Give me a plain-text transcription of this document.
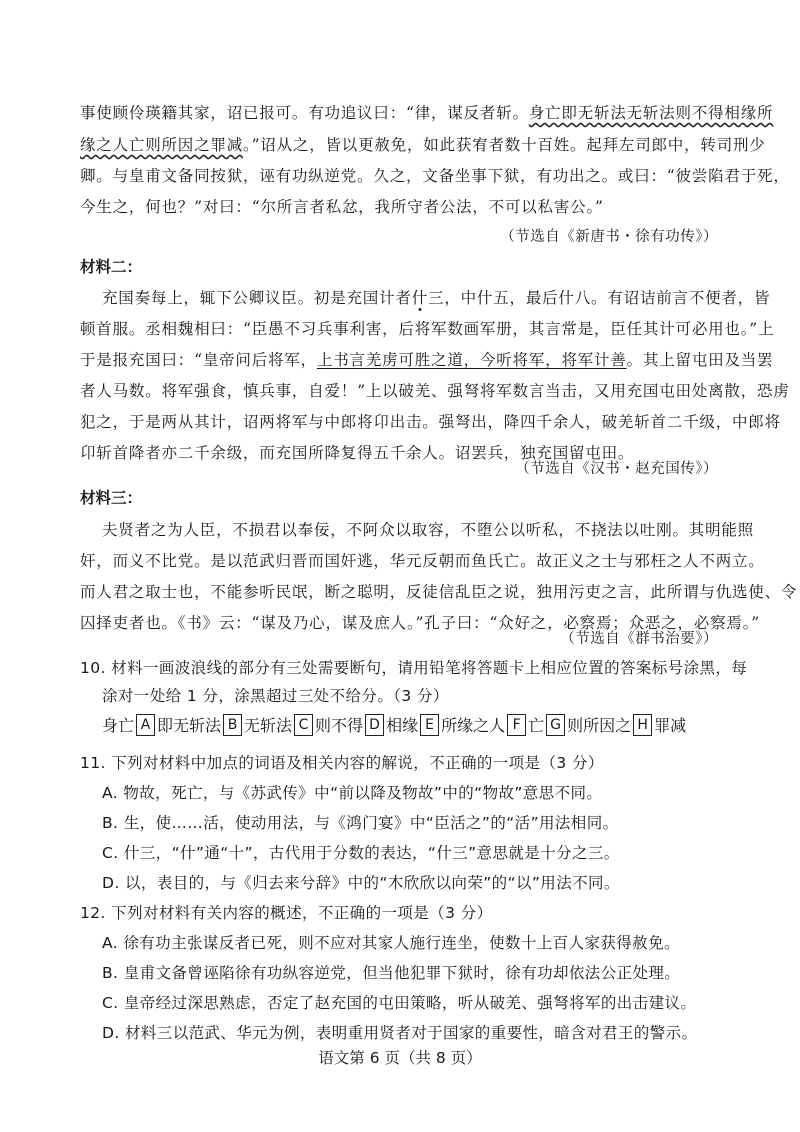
事使顾伶瑛籍其家，诏已报可。有功追议曰：“律，谋反者斩。身亡即无斩法无斩法则不得相缘所
缘之人亡则所因之罪减。”诏从之，皆以更赦免，如此获宥者数十百姓。起拜左司郎中，转司刑少
卿。与皇甫文备同按狱，诬有功纵逆党。久之，文备坐事下狱，有功出之。或曰：“彼尝陷君于死，
今生之，何也？”对曰：“尔所言者私忿，我所守者公法，不可以私害公。”
（节选自《新唐书・徐有功传》）
材料二：
充国奏每上，辄下公卿议臣。初是充国计者什三，中什五，最后什八。有诏诘前言不便者，皆
顿首服。丞相魏相曰：“臣愚不习兵事利害，后将军数画军册，其言常是，臣任其计可必用也。”上
于是报充国曰：“皇帝问后将军，上书言羌虏可胜之道，今听将军，将军计善。其上留屯田及当罢
者人马数。将军强食，慎兵事，自爱！”上以破羌、强弩将军数言当击，又用充国屯田处离散，恐虏
犯之，于是两从其计，诏两将军与中郎将卬出击。强弩出，降四千余人，破羌斩首二千级，中郎将
卬斩首降者亦二千余级，而充国所降复得五千余人。诏罢兵，独充国留屯田。
（节选自《汉书・赵充国传》）
材料三：
夫贤者之为人臣，不损君以奉佞，不阿众以取容，不堕公以听私，不挠法以吐刚。其明能照
奸，而义不比党。是以范武归晋而国奸逃，华元反朝而鱼氏亡。故正义之士与邪枉之人不两立。
而人君之取士也，不能参听民氓，断之聪明，反徒信乱臣之说，独用污吏之言，此所谓与仇选使、令
囚择吏者也。《书》云：“谋及乃心，谋及庶人。”孔子曰：“众好之，必察焉；众恶之，必察焉。”
（节选自《群书治要》）
10. 材料一画波浪线的部分有三处需要断句，请用铅笔将答题卡上相应位置的答案标号涂黑，每
涂对一处给 1 分，涂黑超过三处不给分。（3 分）
身亡 A 即无斩法 B 无斩法 C 则不得 D 相缘 E 所缘之人 F 亡 G 则所因之 H 罪减
11. 下列对材料中加点的词语及相关内容的解说，不正确的一项是（3 分）
A. 物故，死亡，与《苏武传》中“前以降及物故”中的“物故”意思不同。
B. 生，使……活，使动用法，与《鸿门宴》中“臣活之”的“活”用法相同。
C. 什三，“什”通“十”，古代用于分数的表达，“什三”意思就是十分之三。
D. 以，表目的，与《归去来兮辞》中的“木欣欣以向荣”的“以”用法不同。
12. 下列对材料有关内容的概述，不正确的一项是（3 分）
A. 徐有功主张谋反者已死，则不应对其家人施行连坐，使数十上百人家获得赦免。
B. 皇甫文备曾诬陷徐有功纵容逆党，但当他犯罪下狱时，徐有功却依法公正处理。
C. 皇帝经过深思熟虑，否定了赵充国的屯田策略，听从破羌、强弩将军的出击建议。
D. 材料三以范武、华元为例，表明重用贤者对于国家的重要性，暗含对君王的警示。
语文第 6 页（共 8 页）
